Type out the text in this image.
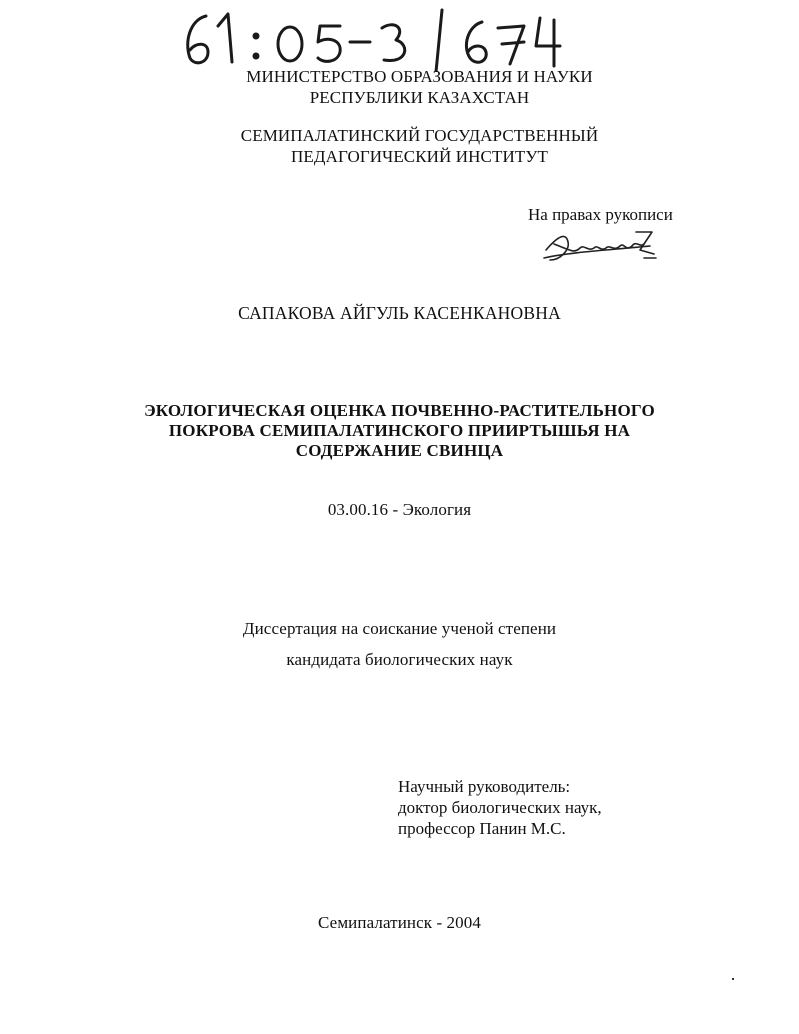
МИНИСТЕРСТВО ОБРАЗОВАНИЯ И НАУКИ
РЕСПУБЛИКИ КАЗАХСТАН
СЕМИПАЛАТИНСКИЙ ГОСУДАРСТВЕННЫЙ
ПЕДАГОГИЧЕСКИЙ ИНСТИТУТ
На правах рукописи
САПАКОВА АЙГУЛЬ КАСЕНКАНОВНА
ЭКОЛОГИЧЕСКАЯ ОЦЕНКА ПОЧВЕННО-РАСТИТЕЛЬНОГО
ПОКРОВА СЕМИПАЛАТИНСКОГО ПРИИРТЫШЬЯ НА
СОДЕРЖАНИЕ СВИНЦА
03.00.16 - Экология
Диссертация на соискание ученой степени
кандидата биологических наук
Научный руководитель:
доктор биологических наук,
профессор Панин М.С.
Семипалатинск - 2004
